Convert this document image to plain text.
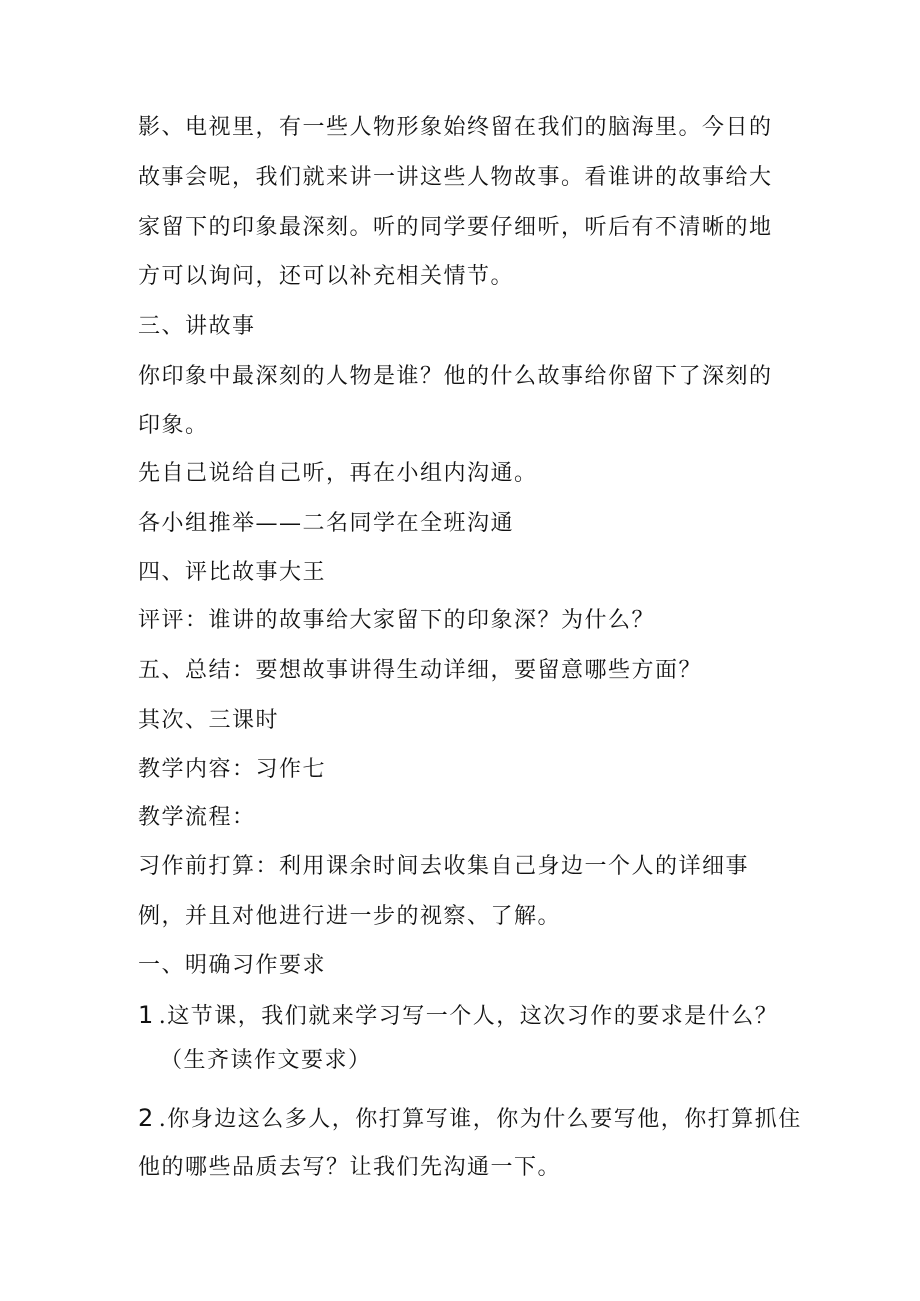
影、电视里，有一些人物形象始终留在我们的脑海里。今日的
故事会呢，我们就来讲一讲这些人物故事。看谁讲的故事给大
家留下的印象最深刻。听的同学要仔细听，听后有不清晰的地
方可以询问，还可以补充相关情节。
三、讲故事
你印象中最深刻的人物是谁？他的什么故事给你留下了深刻的
印象。
先自己说给自己听，再在小组内沟通。
各小组推举——二名同学在全班沟通
四、评比故事大王
评评：谁讲的故事给大家留下的印象深？为什么？
五、总结：要想故事讲得生动详细，要留意哪些方面？
其次、三课时
教学内容：习作七
教学流程：
习作前打算：利用课余时间去收集自己身边一个人的详细事
例，并且对他进行进一步的视察、了解。
一、明确习作要求
1 .这节课，我们就来学习写一个人，这次习作的要求是什么？
（生齐读作文要求）
2 .你身边这么多人，你打算写谁，你为什么要写他，你打算抓住
他的哪些品质去写？让我们先沟通一下。
